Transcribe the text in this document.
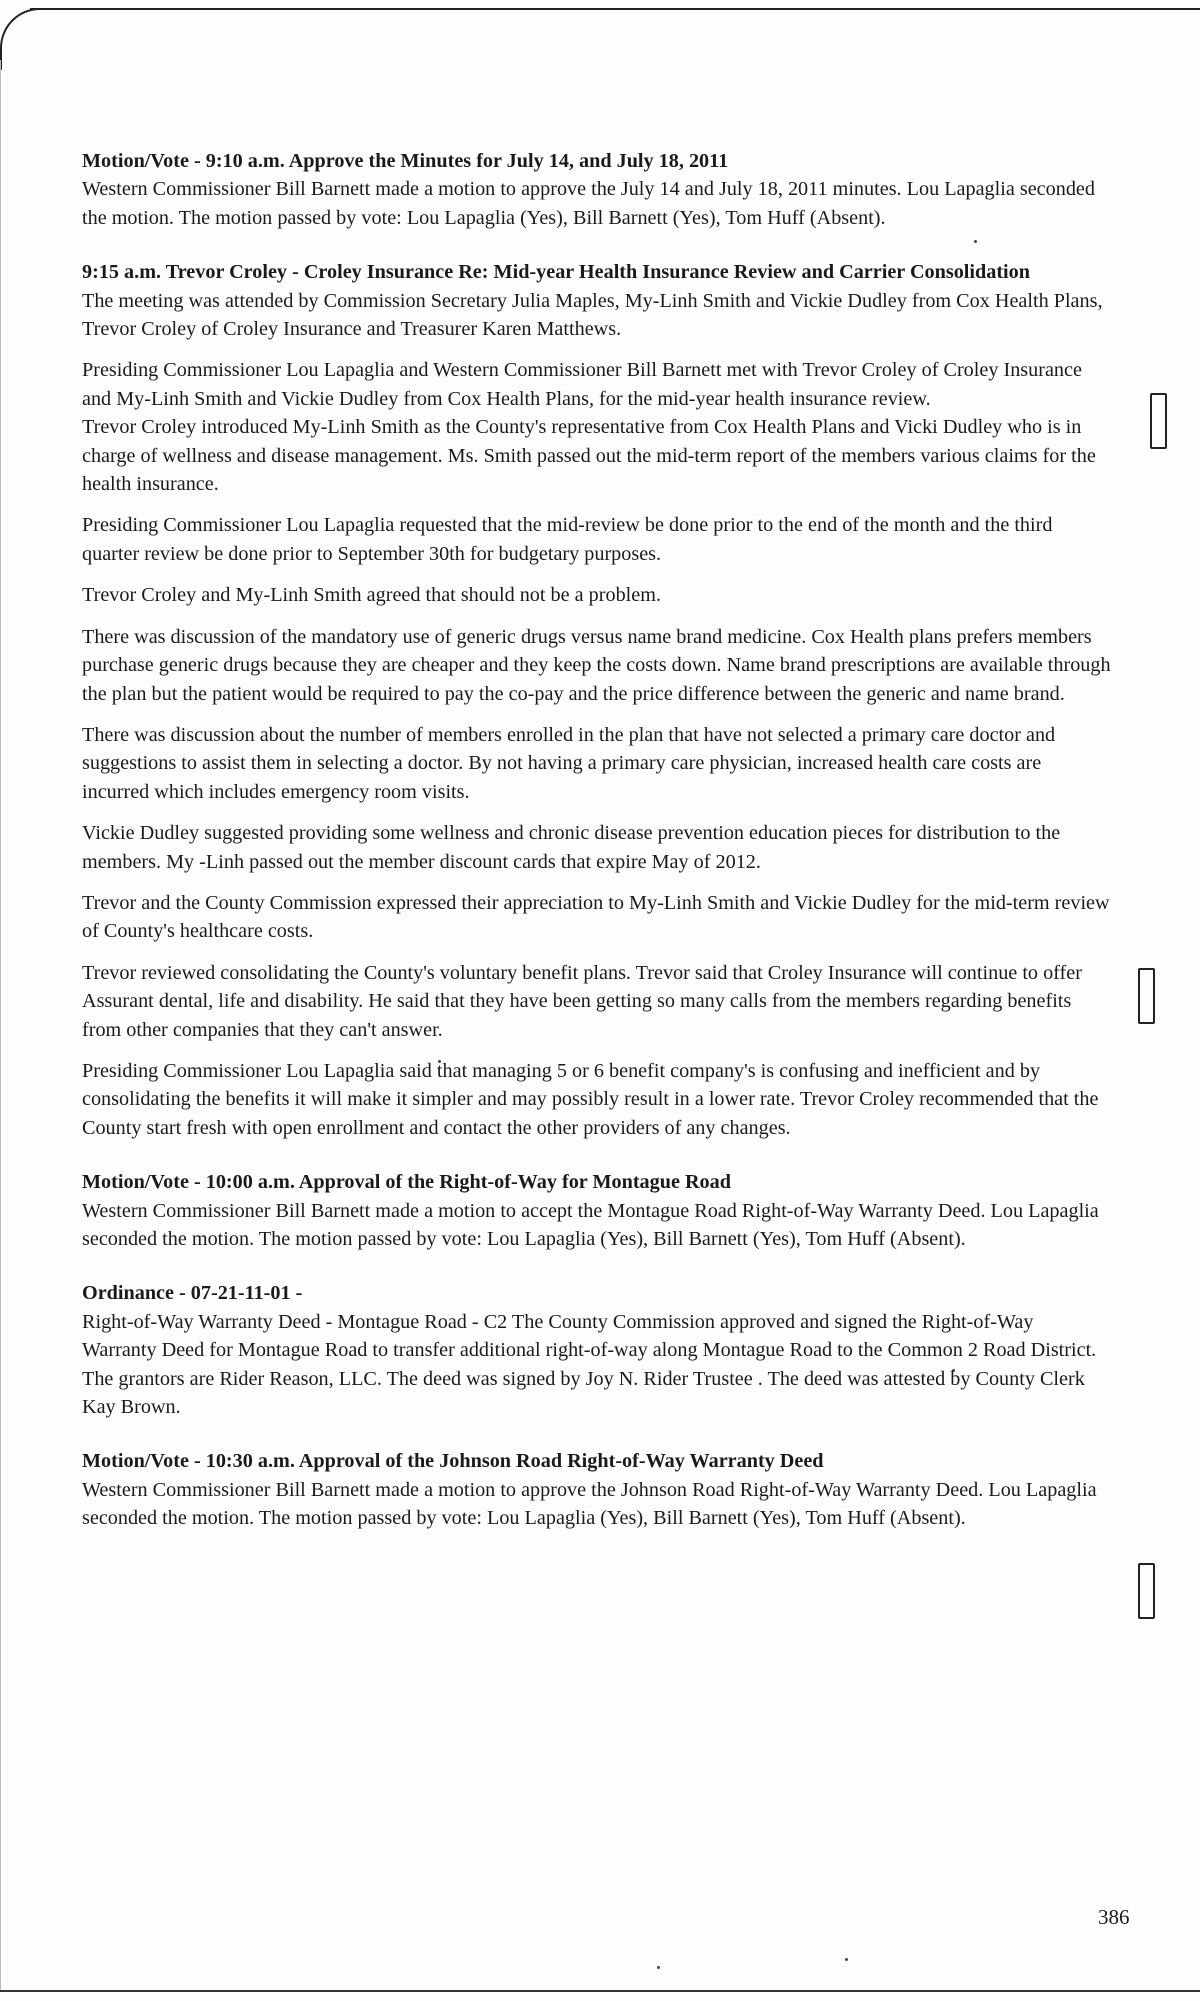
Motion/Vote - 9:10 a.m. Approve the Minutes for July 14, and July 18, 2011
Western Commissioner Bill Barnett made a motion to approve the July 14 and July 18, 2011 minutes. Lou Lapaglia seconded the motion. The motion passed by vote: Lou Lapaglia (Yes), Bill Barnett (Yes), Tom Huff (Absent).

9:15 a.m. Trevor Croley - Croley Insurance Re: Mid-year Health Insurance Review and Carrier Consolidation
The meeting was attended by Commission Secretary Julia Maples, My-Linh Smith and Vickie Dudley from Cox Health Plans, Trevor Croley of Croley Insurance and Treasurer Karen Matthews.

Presiding Commissioner Lou Lapaglia and Western Commissioner Bill Barnett met with Trevor Croley of Croley Insurance and My-Linh Smith and Vickie Dudley from Cox Health Plans, for the mid-year health insurance review.
Trevor Croley introduced My-Linh Smith as the County's representative from Cox Health Plans and Vicki Dudley who is in charge of wellness and disease management. Ms. Smith passed out the mid-term report of the members various claims for the health insurance.

Presiding Commissioner Lou Lapaglia requested that the mid-review be done prior to the end of the month and the third quarter review be done prior to September 30th for budgetary purposes.

Trevor Croley and My-Linh Smith agreed that should not be a problem.

There was discussion of the mandatory use of generic drugs versus name brand medicine. Cox Health plans prefers members purchase generic drugs because they are cheaper and they keep the costs down. Name brand prescriptions are available through the plan but the patient would be required to pay the co-pay and the price difference between the generic and name brand.

There was discussion about the number of members enrolled in the plan that have not selected a primary care doctor and suggestions to assist them in selecting a doctor. By not having a primary care physician, increased health care costs are incurred which includes emergency room visits.

Vickie Dudley suggested providing some wellness and chronic disease prevention education pieces for distribution to the members. My -Linh passed out the member discount cards that expire May of 2012.

Trevor and the County Commission expressed their appreciation to My-Linh Smith and Vickie Dudley for the mid-term review of County's healthcare costs.

Trevor reviewed consolidating the County's voluntary benefit plans. Trevor said that Croley Insurance will continue to offer Assurant dental, life and disability. He said that they have been getting so many calls from the members regarding benefits from other companies that they can't answer.

Presiding Commissioner Lou Lapaglia said that managing 5 or 6 benefit company's is confusing and inefficient and by consolidating the benefits it will make it simpler and may possibly result in a lower rate. Trevor Croley recommended that the County start fresh with open enrollment and contact the other providers of any changes.

Motion/Vote - 10:00 a.m. Approval of the Right-of-Way for Montague Road
Western Commissioner Bill Barnett made a motion to accept the Montague Road Right-of-Way Warranty Deed. Lou Lapaglia seconded the motion. The motion passed by vote: Lou Lapaglia (Yes), Bill Barnett (Yes), Tom Huff (Absent).

Ordinance - 07-21-11-01 -
Right-of-Way Warranty Deed - Montague Road - C2 The County Commission approved and signed the Right-of-Way Warranty Deed for Montague Road to transfer additional right-of-way along Montague Road to the Common 2 Road District. The grantors are Rider Reason, LLC. The deed was signed by Joy N. Rider Trustee . The deed was attested by County Clerk Kay Brown.

Motion/Vote - 10:30 a.m. Approval of the Johnson Road Right-of-Way Warranty Deed
Western Commissioner Bill Barnett made a motion to approve the Johnson Road Right-of-Way Warranty Deed. Lou Lapaglia seconded the motion. The motion passed by vote: Lou Lapaglia (Yes), Bill Barnett (Yes), Tom Huff (Absent).

386
